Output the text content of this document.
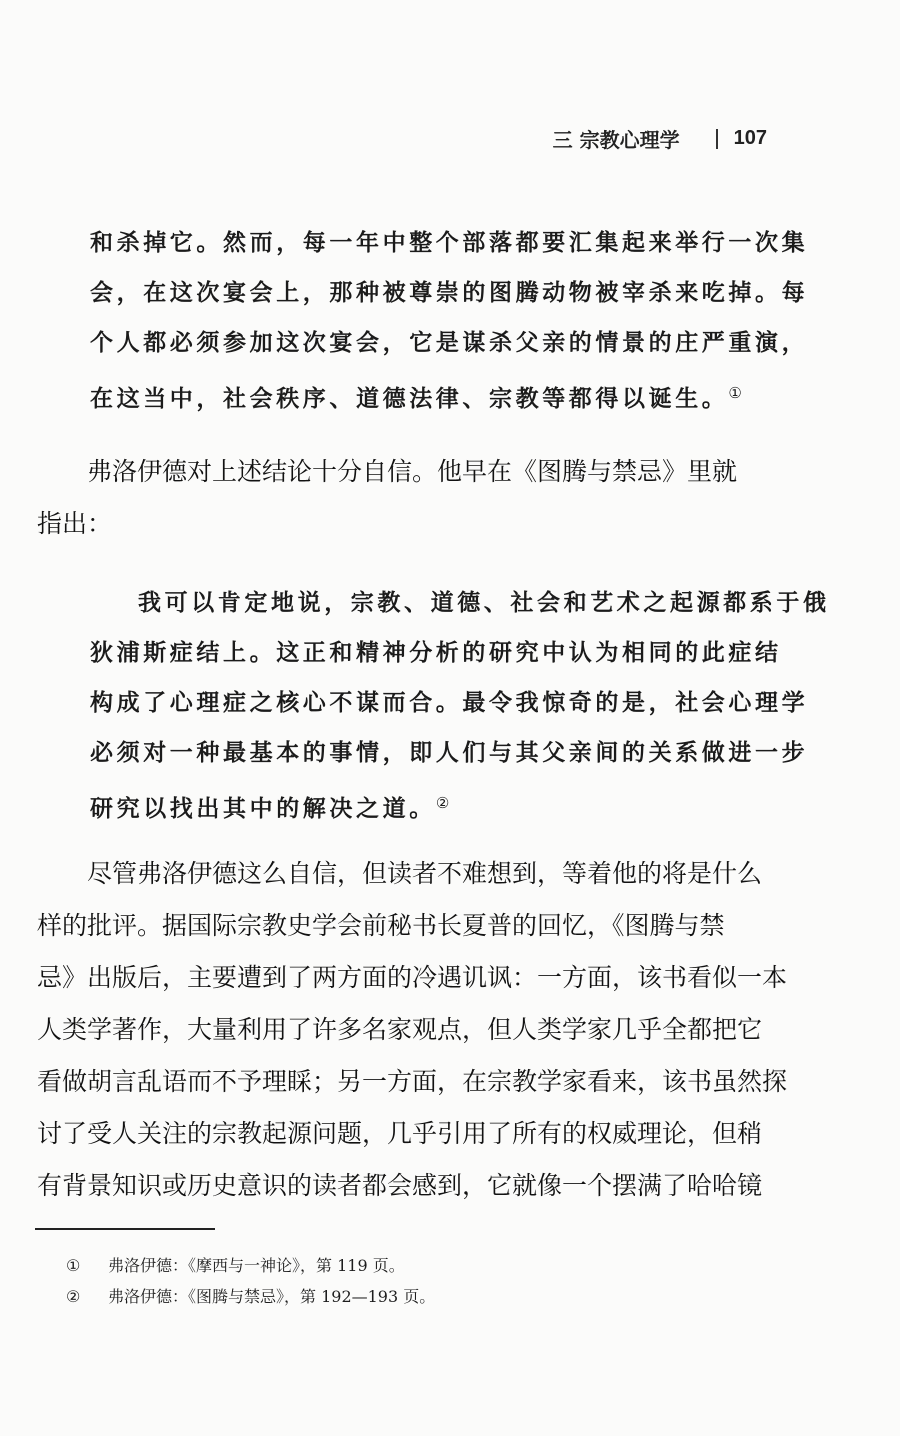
三 宗教心理学	107

和杀掉它。然而，每一年中整个部落都要汇集起来举行一次集

会，在这次宴会上，那种被尊崇的图腾动物被宰杀来吃掉。每

个人都必须参加这次宴会，它是谋杀父亲的情景的庄严重演，

在这当中，社会秩序、道德法律、宗教等都得以诞生。①

弗洛伊德对上述结论十分自信。他早在《图腾与禁忌》里就

指出：

我可以肯定地说，宗教、道德、社会和艺术之起源都系于俄

狄浦斯症结上。这正和精神分析的研究中认为相同的此症结

构成了心理症之核心不谋而合。最令我惊奇的是，社会心理学

必须对一种最基本的事情，即人们与其父亲间的关系做进一步

研究以找出其中的解决之道。②

尽管弗洛伊德这么自信，但读者不难想到，等着他的将是什么

样的批评。据国际宗教史学会前秘书长夏普的回忆，《图腾与禁

忌》出版后，主要遭到了两方面的冷遇讥讽：一方面，该书看似一本

人类学著作，大量利用了许多名家观点，但人类学家几乎全都把它

看做胡言乱语而不予理睬；另一方面，在宗教学家看来，该书虽然探

讨了受人关注的宗教起源问题，几乎引用了所有的权威理论，但稍

有背景知识或历史意识的读者都会感到，它就像一个摆满了哈哈镜

①	弗洛伊德：《摩西与一神论》，第 119 页。
②	弗洛伊德：《图腾与禁忌》，第 192—193 页。
